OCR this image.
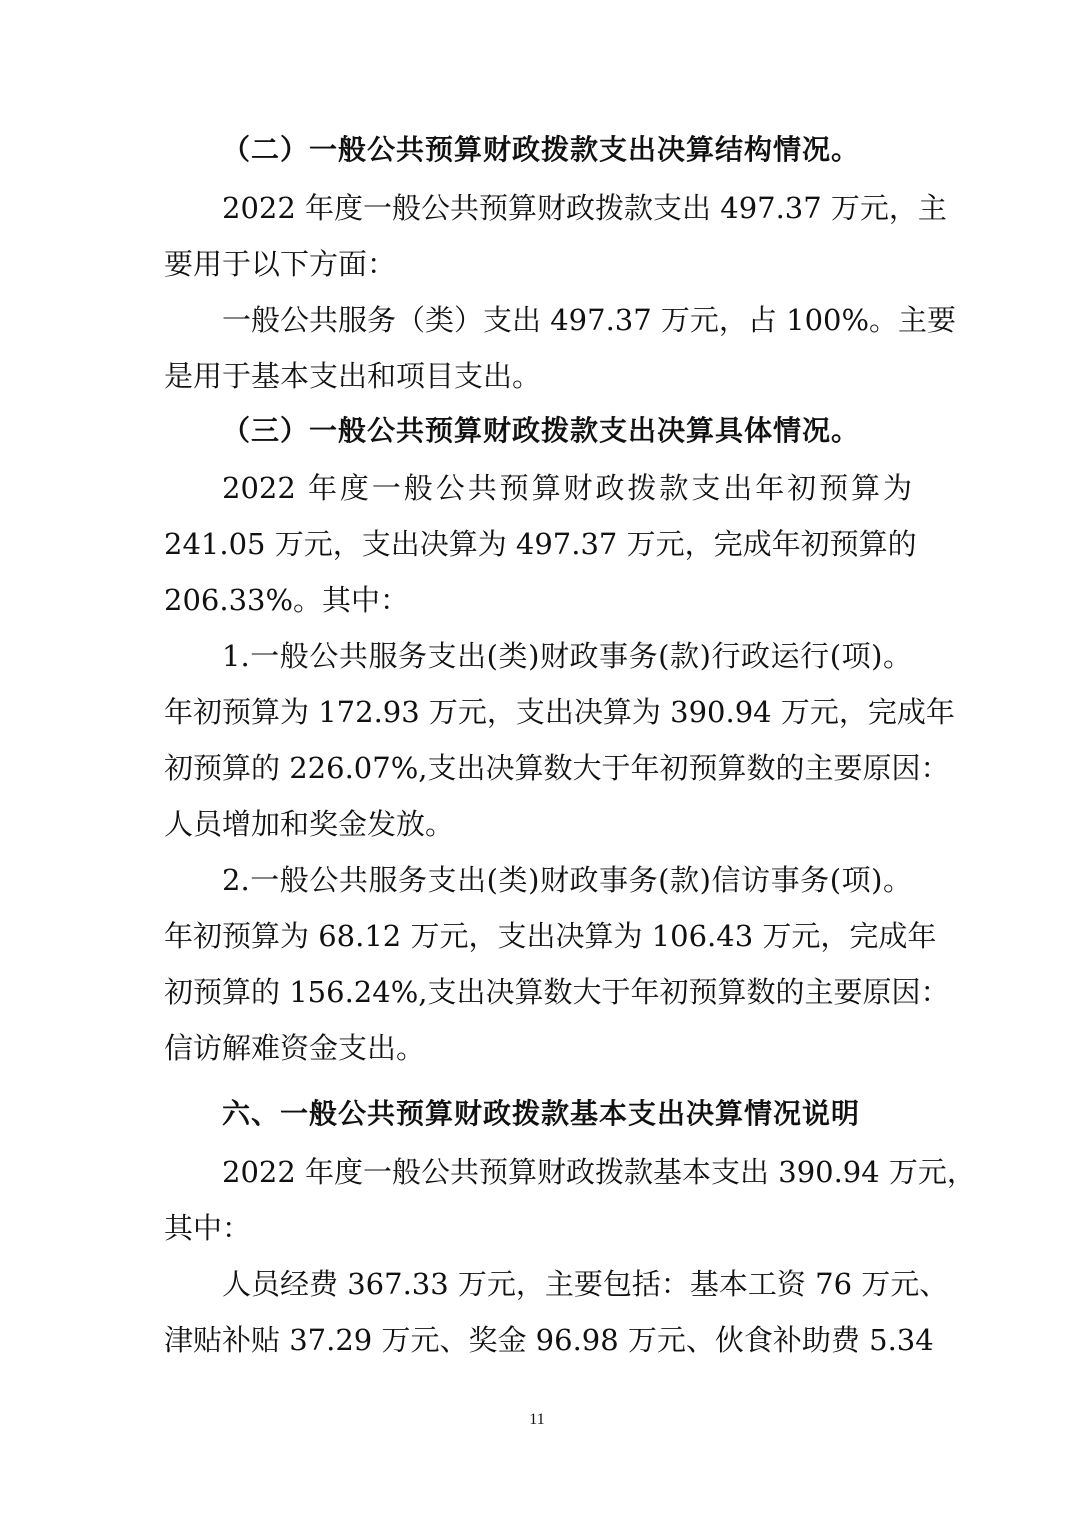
（二）一般公共预算财政拨款支出决算结构情况。
2022 年度一般公共预算财政拨款支出 497.37 万元，主
要用于以下方面：
一般公共服务（类）支出 497.37 万元，占 100%。主要
是用于基本支出和项目支出。
（三）一般公共预算财政拨款支出决算具体情况。
2022 年度一般公共预算财政拨款支出年初预算为
241.05 万元，支出决算为 497.37 万元，完成年初预算的
206.33%。其中：
1.一般公共服务支出(类)财政事务(款)行政运行(项)。
年初预算为 172.93 万元，支出决算为 390.94 万元，完成年
初预算的 226.07%,支出决算数大于年初预算数的主要原因：
人员增加和奖金发放。
2.一般公共服务支出(类)财政事务(款)信访事务(项)。
年初预算为 68.12 万元，支出决算为 106.43 万元，完成年
初预算的 156.24%,支出决算数大于年初预算数的主要原因：
信访解难资金支出。
六、一般公共预算财政拨款基本支出决算情况说明
2022 年度一般公共预算财政拨款基本支出 390.94 万元，
其中：
人员经费 367.33 万元，主要包括：基本工资 76 万元、
津贴补贴 37.29 万元、奖金 96.98 万元、伙食补助费 5.34
11
